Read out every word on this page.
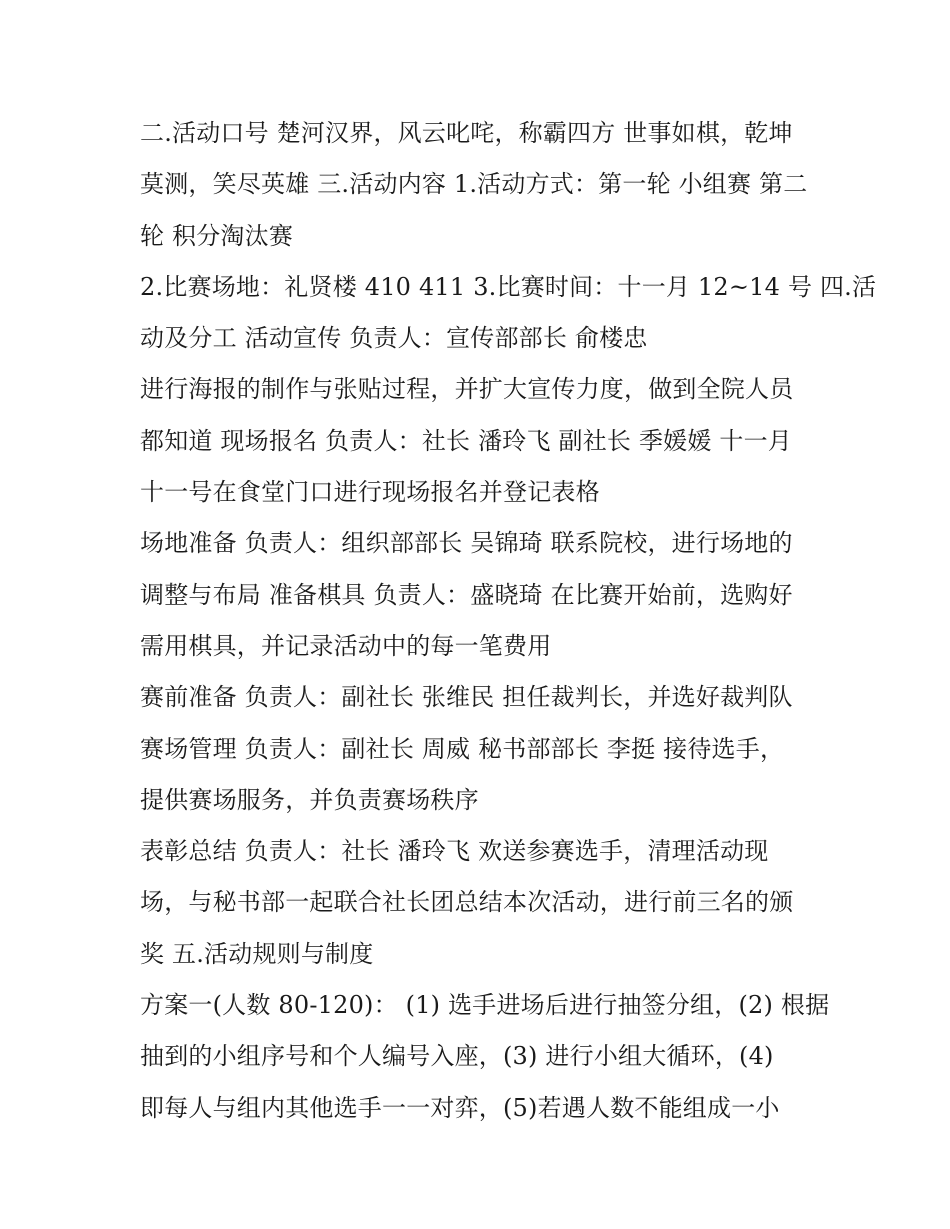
二.活动口号 楚河汉界，风云叱咤，称霸四方 世事如棋，乾坤
莫测，笑尽英雄 三.活动内容 1.活动方式：第一轮 小组赛 第二
轮 积分淘汰赛
2.比赛场地：礼贤楼 410 411 3.比赛时间：十一月 12~14 号 四.活
动及分工 活动宣传 负责人：宣传部部长 俞楼忠
进行海报的制作与张贴过程，并扩大宣传力度，做到全院人员
都知道 现场报名 负责人：社长 潘玲飞 副社长 季媛媛 十一月
十一号在食堂门口进行现场报名并登记表格
场地准备 负责人：组织部部长 吴锦琦 联系院校，进行场地的
调整与布局 准备棋具 负责人：盛晓琦 在比赛开始前，选购好
需用棋具，并记录活动中的每一笔费用
赛前准备 负责人：副社长 张维民 担任裁判长，并选好裁判队
赛场管理 负责人：副社长 周威 秘书部部长 李挺 接待选手，
提供赛场服务，并负责赛场秩序
表彰总结 负责人：社长 潘玲飞 欢送参赛选手，清理活动现
场，与秘书部一起联合社长团总结本次活动，进行前三名的颁
奖 五.活动规则与制度
方案一(人数 80-120)： (1) 选手进场后进行抽签分组，(2) 根据
抽到的小组序号和个人编号入座，(3) 进行小组大循环，(4)
即每人与组内其他选手一一对弈，(5)若遇人数不能组成一小
